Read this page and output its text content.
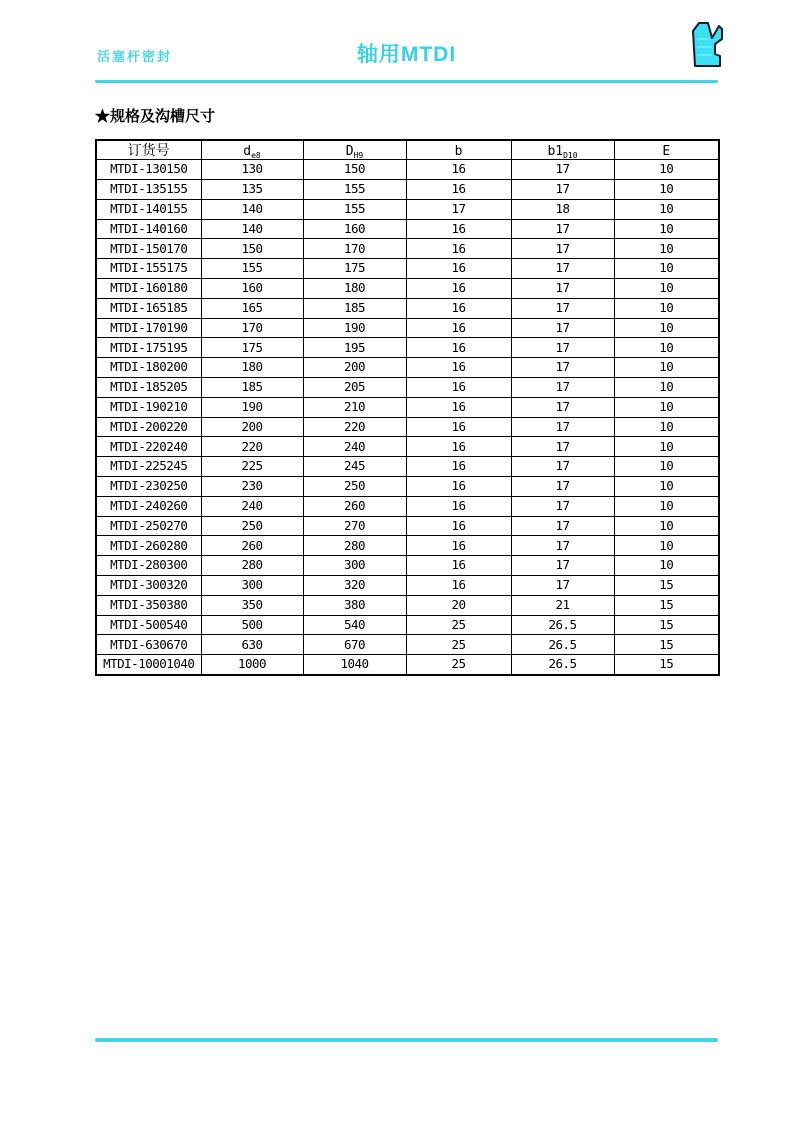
活塞杆密封	轴用MTDI
★规格及沟槽尺寸
订货号	$d_{e8}$	$D_{H9}$	b	$b1_{D10}$	E
MTDI-130150	130	150	16	17	10
MTDI-135155	135	155	16	17	10
MTDI-140155	140	155	17	18	10
MTDI-140160	140	160	16	17	10
MTDI-150170	150	170	16	17	10
MTDI-155175	155	175	16	17	10
MTDI-160180	160	180	16	17	10
MTDI-165185	165	185	16	17	10
MTDI-170190	170	190	16	17	10
MTDI-175195	175	195	16	17	10
MTDI-180200	180	200	16	17	10
MTDI-185205	185	205	16	17	10
MTDI-190210	190	210	16	17	10
MTDI-200220	200	220	16	17	10
MTDI-220240	220	240	16	17	10
MTDI-225245	225	245	16	17	10
MTDI-230250	230	250	16	17	10
MTDI-240260	240	260	16	17	10
MTDI-250270	250	270	16	17	10
MTDI-260280	260	280	16	17	10
MTDI-280300	280	300	16	17	10
MTDI-300320	300	320	16	17	15
MTDI-350380	350	380	20	21	15
MTDI-500540	500	540	25	26.5	15
MTDI-630670	630	670	25	26.5	15
MTDI-10001040	1000	1040	25	26.5	15
